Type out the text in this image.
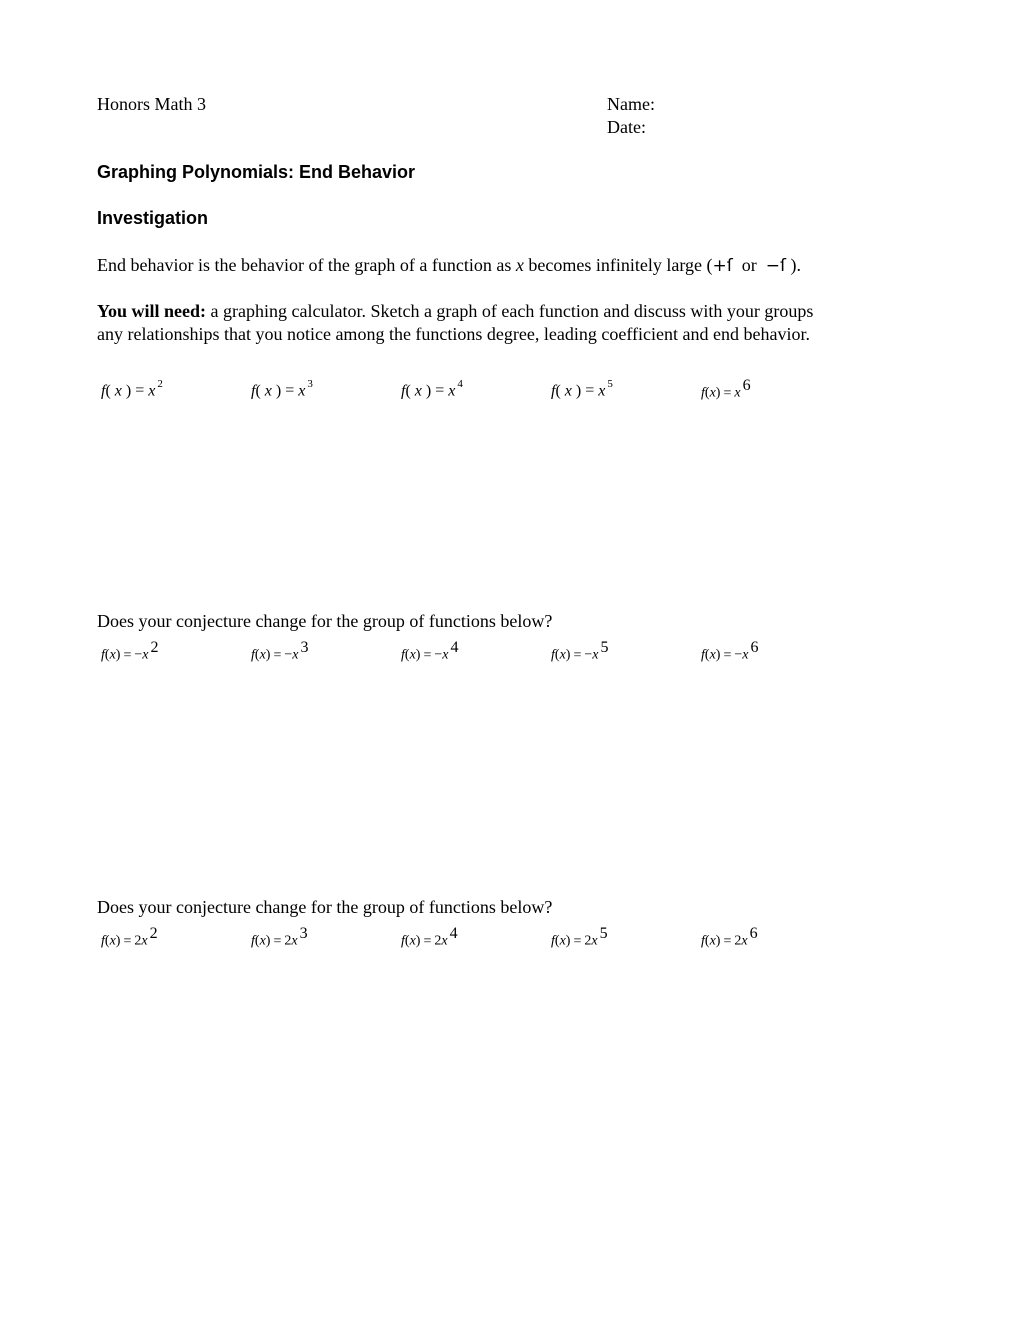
Honors Math 3	Name:
Date:
Graphing Polynomials: End Behavior
Investigation
End behavior is the behavior of the graph of a function as x becomes infinitely large (+ſ or −ſ ).
You will need: a graphing calculator. Sketch a graph of each function and discuss with your groups
any relationships that you notice among the functions degree, leading coefficient and end behavior.
f( x ) = x $^2$	f( x ) = x $^3$	f( x ) = x $^4$	f( x ) = x $^5$
f(x) = x $^6$
Does your conjecture change for the group of functions below?
f(x) = −x $^2$	f(x) = −x $^3$	f(x) = −x $^4$	f(x) = −x $^5$	f(x) = −x $^6$
Does your conjecture change for the group of functions below?
f(x) = 2x $^2$	f(x) = 2x $^3$	f(x) = 2x $^4$	f(x) = 2x $^5$	f(x) = 2x $^6$
